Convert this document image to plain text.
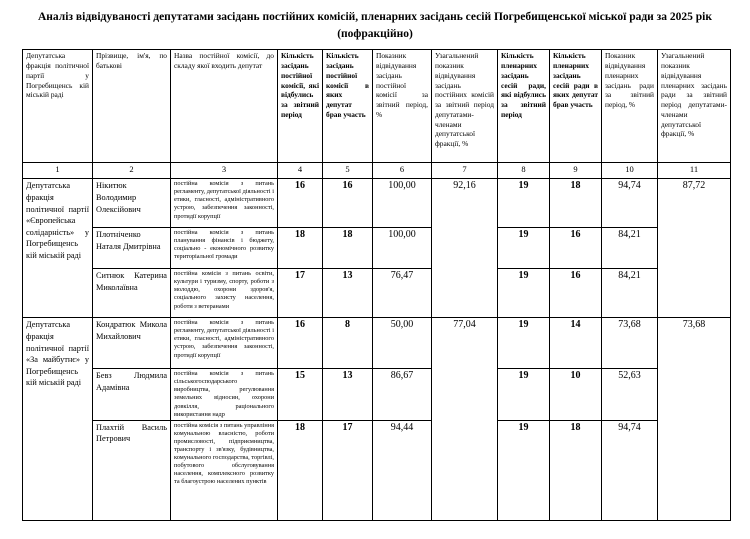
Аналіз відвідуваності депутатами засідань постійних комісій, пленарних засідань сесій Погребищенської міської ради за 2025 рік (пофракційно)
Депутатська фракція політичної партії у Погребищенсь кій міській раді	Прізвище, ім'я, по батькові	Назва постійної комісії, до складу якої входить депутат	Кількість засідань постійної комісії, які відбулись за звітний період	Кількість засідань постійної комісії в яких депутат брав участь	Показник відвідування засідань постійної комісії за звітний період, %	Узагальнений показник відвідування засідань постійних комісій за звітний період депутатами-членами депутатської фракції, %	Кількість пленарних засідань сесій ради, які відбулись за звітний період	Кількість пленарних засідань сесій ради в яких депутат брав участь	Показник відвідування пленарних засідань ради за звітний період, %	Узагальнений показник відвідування пленарних засідань ради за звітний період депутатами-членами депутатської фракції, %
1	2	3	4	5	6	7	8	9	10	11
Депутатська фракція політичної партії «Європейська солідарність» у Погребищенсь кій міській раді	Нікитюк Володимир Олексійович	постійна комісія з питань регламенту, депутатської діяльності і етики, гласності, адміністративного устрою, забезпечення законності, протидії корупції	16	16	100,00	92,16	19	18	94,74	87,72
	Плотніченко Наталя Дмитрівна	постійна комісія з питань планування фінансів і бюджету, соціально - економічного розвитку територіальної громади	18	18	100,00		19	16	84,21	
	Ситнюк Катерина Миколаївна	постійна комісія з питань освіти, культури і туризму, спорту, роботи з молоддю, охорони здоров'я, соціального захисту населення, роботи з ветеранами	17	13	76,47		19	16	84,21	
Депутатська фракція політичної партії «За майбутнє» у Погребищенсь кій міській раді	Кондратюк Микола Михайлович	постійна комісія з питань регламенту, депутатської діяльності і етики, гласності, адміністративного устрою, забезпечення законності, протидії корупції	16	8	50,00	77,04	19	14	73,68	73,68
	Бевз Людмила Адамівна	постійна комісія з питань сільськогосподарського виробництва, регулювання земельних відносин, охорони довкілля, раціонального використання надр	15	13	86,67		19	10	52,63	
	Плахтій Василь Петрович	постійна комісія з питань управління комунальною власністю, роботи промисловості, підприємництва, транспорту і зв'язку, будівництва, комунального господарства, торгівлі, побутового обслуговування населення, комплексного розвитку та благоустрою населених пунктів	18	17	94,44		19	18	94,74	
